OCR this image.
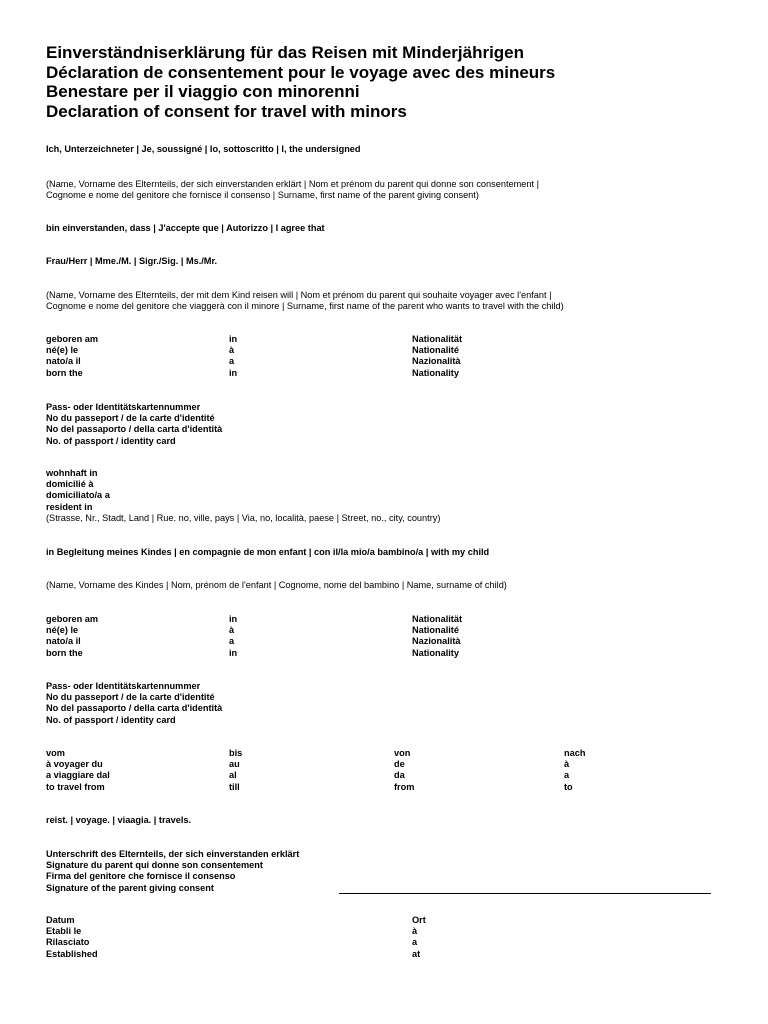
Einverständniserklärung für das Reisen mit Minderjährigen
Déclaration de consentement pour le voyage avec des mineurs
Benestare per il viaggio con minorenni
Declaration of consent for travel with minors
Ich, Unterzeichneter | Je, soussigné | Io, sottoscritto | I, the undersigned
(Name, Vorname des Elternteils, der sich einverstanden erklärt | Nom et prénom du parent qui donne son consentement |
Cognome e nome del genitore che fornisce il consenso | Surname, first name of the parent giving consent)
bin einverstanden, dass | J'accepte que | Autorizzo | I agree that
Frau/Herr | Mme./M. | Sigr./Sig. | Ms./Mr.
(Name, Vorname des Elternteils, der mit dem Kind reisen will | Nom et prénom du parent qui souhaite voyager avec l'enfant |
Cognome e nome del genitore che viaggerà con il minore | Surname, first name of the parent who wants to travel with the child)
geboren am
né(e) le
nato/a il
born the
in
à
a
in
Nationalität
Nationalité
Nazionalità
Nationality
Pass- oder Identitätskartennummer
No du passeport / de la carte d'identité
No del passaporto / della carta d'identità
No. of passport / identity card
wohnhaft in
domicilié à
domiciliato/a a
resident in
(Strasse, Nr., Stadt, Land | Rue. no, ville, pays | Via, no, località, paese | Street, no., city, country)
in Begleitung meines Kindes | en compagnie de mon enfant | con il/la mio/a bambino/a | with my child
(Name, Vorname des Kindes | Nom, prénom de l'enfant | Cognome, nome del bambino | Name, surname of child)
geboren am
né(e) le
nato/a il
born the
in
à
a
in
Nationalität
Nationalité
Nazionalità
Nationality
Pass- oder Identitätskartennummer
No du passeport / de la carte d'identité
No del passaporto / della carta d'identità
No. of passport / identity card
vom
à voyager du
a viaggiare dal
to travel from
bis
au
al
till
von
de
da
from
nach
à
a
to
reist. | voyage. | viaagia. | travels.
Unterschrift des Elternteils, der sich einverstanden erklärt
Signature du parent qui donne son consentement
Firma del genitore che fornisce il consenso
Signature of the parent giving consent
Datum
Etabli le
Rilasciato
Established
Ort
à
a
at
